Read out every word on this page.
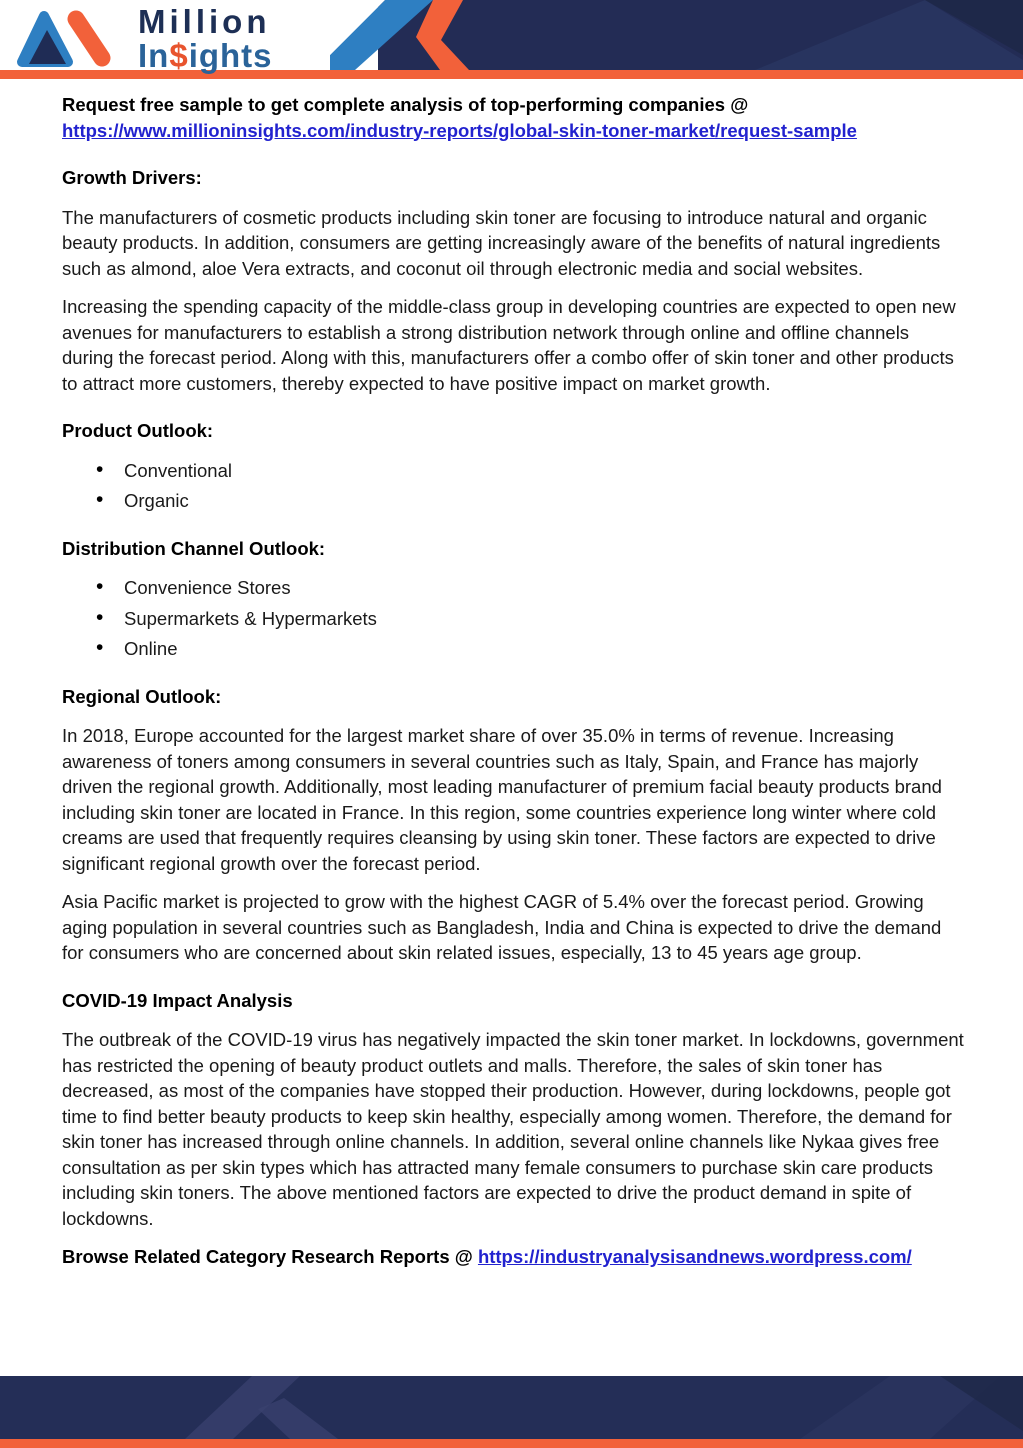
Million
In$ights

Request free sample to get complete analysis of top-performing companies @ https://www.millioninsights.com/industry-reports/global-skin-toner-market/request-sample

Growth Drivers:

The manufacturers of cosmetic products including skin toner are focusing to introduce natural and organic beauty products. In addition, consumers are getting increasingly aware of the benefits of natural ingredients such as almond, aloe Vera extracts, and coconut oil through electronic media and social websites.

Increasing the spending capacity of the middle-class group in developing countries are expected to open new avenues for manufacturers to establish a strong distribution network through online and offline channels during the forecast period. Along with this, manufacturers offer a combo offer of skin toner and other products to attract more customers, thereby expected to have positive impact on market growth.

Product Outlook:
• Conventional
• Organic
Distribution Channel Outlook:
• Convenience Stores
• Supermarkets & Hypermarkets
• Online
Regional Outlook:

In 2018, Europe accounted for the largest market share of over 35.0% in terms of revenue. Increasing awareness of toners among consumers in several countries such as Italy, Spain, and France has majorly driven the regional growth. Additionally, most leading manufacturer of premium facial beauty products brand including skin toner are located in France. In this region, some countries experience long winter where cold creams are used that frequently requires cleansing by using skin toner. These factors are expected to drive significant regional growth over the forecast period.

Asia Pacific market is projected to grow with the highest CAGR of 5.4% over the forecast period. Growing aging population in several countries such as Bangladesh, India and China is expected to drive the demand for consumers who are concerned about skin related issues, especially, 13 to 45 years age group.

COVID-19 Impact Analysis

The outbreak of the COVID-19 virus has negatively impacted the skin toner market. In lockdowns, government has restricted the opening of beauty product outlets and malls. Therefore, the sales of skin toner has decreased, as most of the companies have stopped their production. However, during lockdowns, people got time to find better beauty products to keep skin healthy, especially among women. Therefore, the demand for skin toner has increased through online channels. In addition, several online channels like Nykaa gives free consultation as per skin types which has attracted many female consumers to purchase skin care products including skin toners. The above mentioned factors are expected to drive the product demand in spite of lockdowns.

Browse Related Category Research Reports @ https://industryanalysisandnews.wordpress.com/
